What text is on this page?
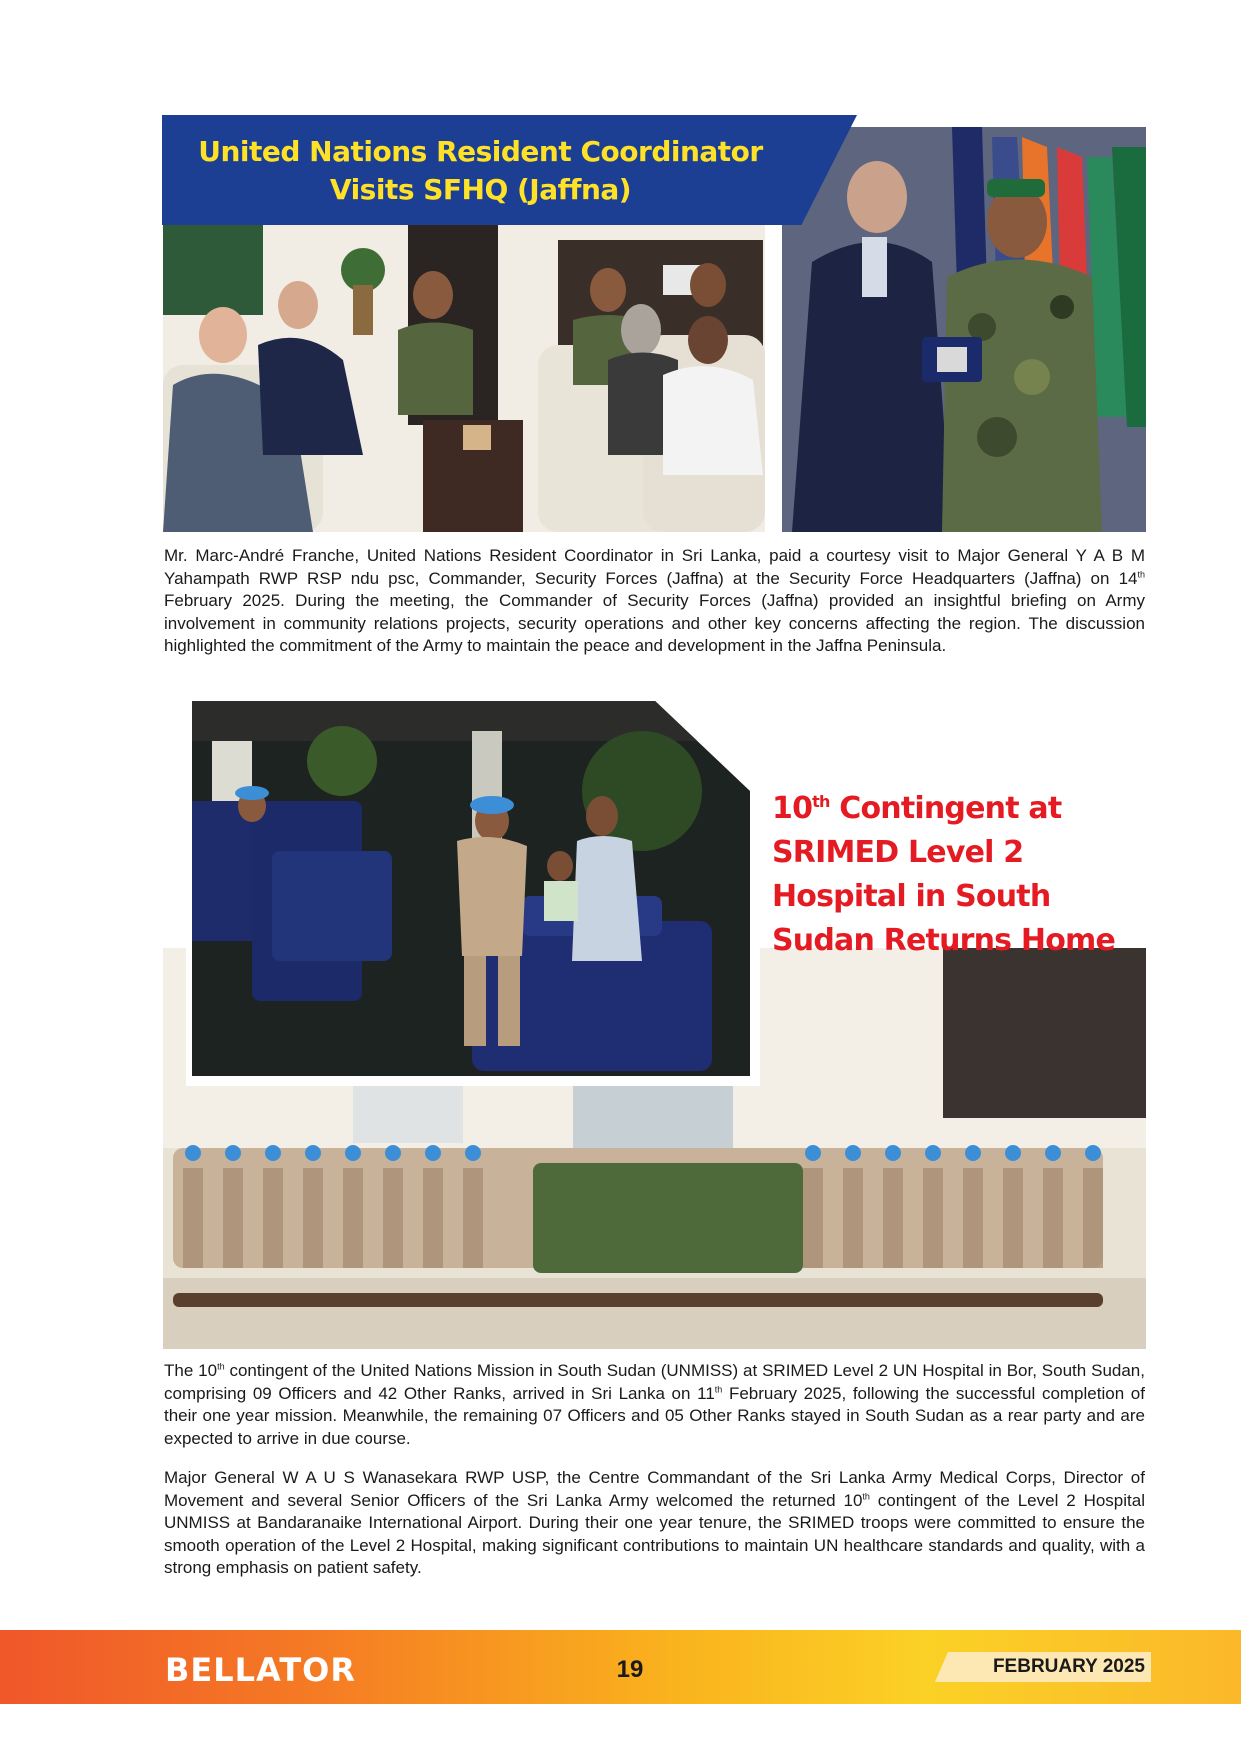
United Nations Resident Coordinator
Visits SFHQ (Jaffna)
Mr. Marc-André Franche, United Nations Resident Coordinator in Sri Lanka, paid a courtesy visit to Major General Y A B M Yahampath RWP RSP ndu psc, Commander, Security Forces (Jaffna) at the Security Force Headquarters (Jaffna) on 14th February 2025. During the meeting, the Commander of Security Forces (Jaffna) provided an insightful briefing on Army involvement in community relations projects, security operations and other key concerns affecting the region. The discussion highlighted the commitment of the Army to maintain the peace and development in the Jaffna Peninsula.
10th Contingent at SRIMED Level 2 Hospital in South Sudan Returns Home
The 10th contingent of the United Nations Mission in South Sudan (UNMISS) at SRIMED Level 2 UN Hospital in Bor, South Sudan, comprising 09 Officers and 42 Other Ranks, arrived in Sri Lanka on 11th February 2025, following the successful completion of their one year mission. Meanwhile, the remaining 07 Officers and 05 Other Ranks stayed in South Sudan as a rear party and are expected to arrive in due course.
Major General W A U S Wanasekara RWP USP, the Centre Commandant of the Sri Lanka Army Medical Corps, Director of Movement and several Senior Officers of the Sri Lanka Army welcomed the returned 10th contingent of the Level 2 Hospital UNMISS at Bandaranaike International Airport. During their one year tenure, the SRIMED troops were committed to ensure the smooth operation of the Level 2 Hospital, making significant contributions to maintain UN healthcare standards and quality, with a strong emphasis on patient safety.
BELLATOR	19	FEBRUARY 2025
